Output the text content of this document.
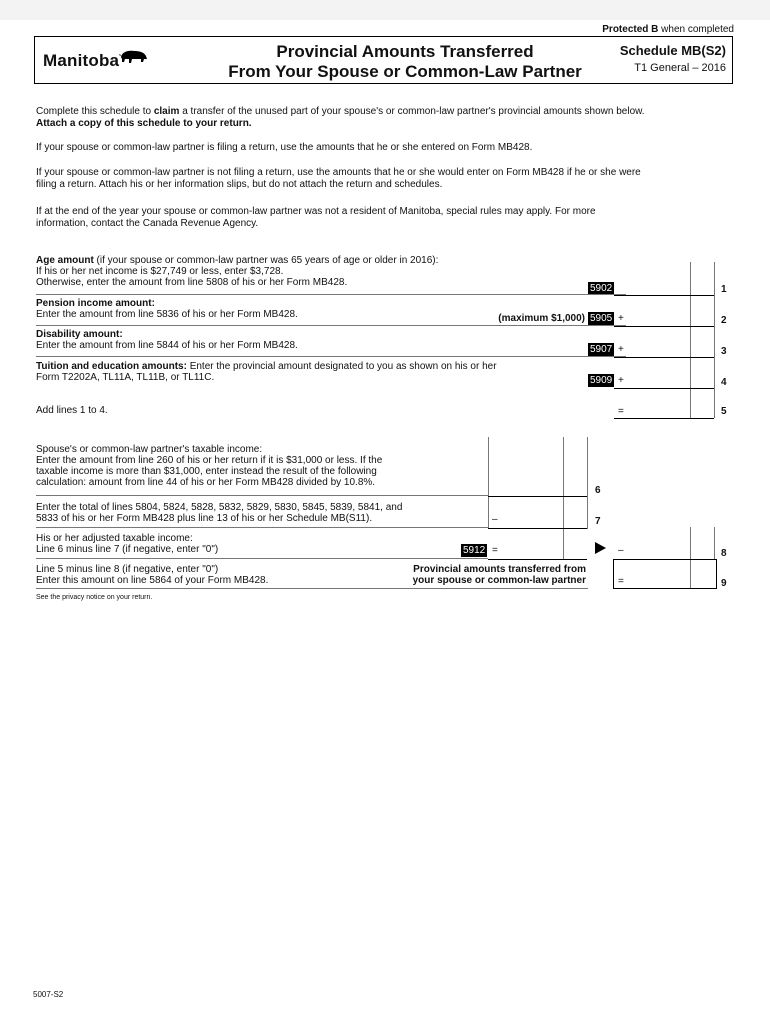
Protected B when completed
Manitoba	Provincial Amounts Transferred
From Your Spouse or Common-Law Partner
Schedule MB(S2)
T1 General – 2016
Complete this schedule to claim a transfer of the unused part of your spouse's or common-law partner's provincial amounts shown below.
Attach a copy of this schedule to your return.
If your spouse or common-law partner is filing a return, use the amounts that he or she entered on Form MB428.
If your spouse or common-law partner is not filing a return, use the amounts that he or she would enter on Form MB428 if he or she were
filing a return. Attach his or her information slips, but do not attach the return and schedules.
If at the end of the year your spouse or common-law partner was not a resident of Manitoba, special rules may apply. For more
information, contact the Canada Revenue Agency.
Age amount (if your spouse or common-law partner was 65 years of age or older in 2016):
If his or her net income is $27,749 or less, enter $3,728.
Otherwise, enter the amount from line 5808 of his or her Form MB428.
5902	1
Pension income amount:
Enter the amount from line 5836 of his or her Form MB428.	(maximum $1,000) 5905 +	2
Disability amount:
Enter the amount from line 5844 of his or her Form MB428.	5907 +	3
Tuition and education amounts: Enter the provincial amount designated to you as shown on his or her
Form T2202A, TL11A, TL11B, or TL11C.	5909 +	4
Add lines 1 to 4.	=	5
Spouse's or common-law partner's taxable income:
Enter the amount from line 260 of his or her return if it is $31,000 or less. If the
taxable income is more than $31,000, enter instead the result of the following
calculation: amount from line 44 of his or her Form MB428 divided by 10.8%.
6
Enter the total of lines 5804, 5824, 5828, 5832, 5829, 5830, 5845, 5839, 5841, and
5833 of his or her Form MB428 plus line 13 of his or her Schedule MB(S11).	–	7
His or her adjusted taxable income:
Line 6 minus line 7 (if negative, enter "0")	5912 =	–	8
Line 5 minus line 8 (if negative, enter "0")
Enter this amount on line 5864 of your Form MB428.
Provincial amounts transferred from
your spouse or common-law partner	=	9
See the privacy notice on your return.
5007-S2
